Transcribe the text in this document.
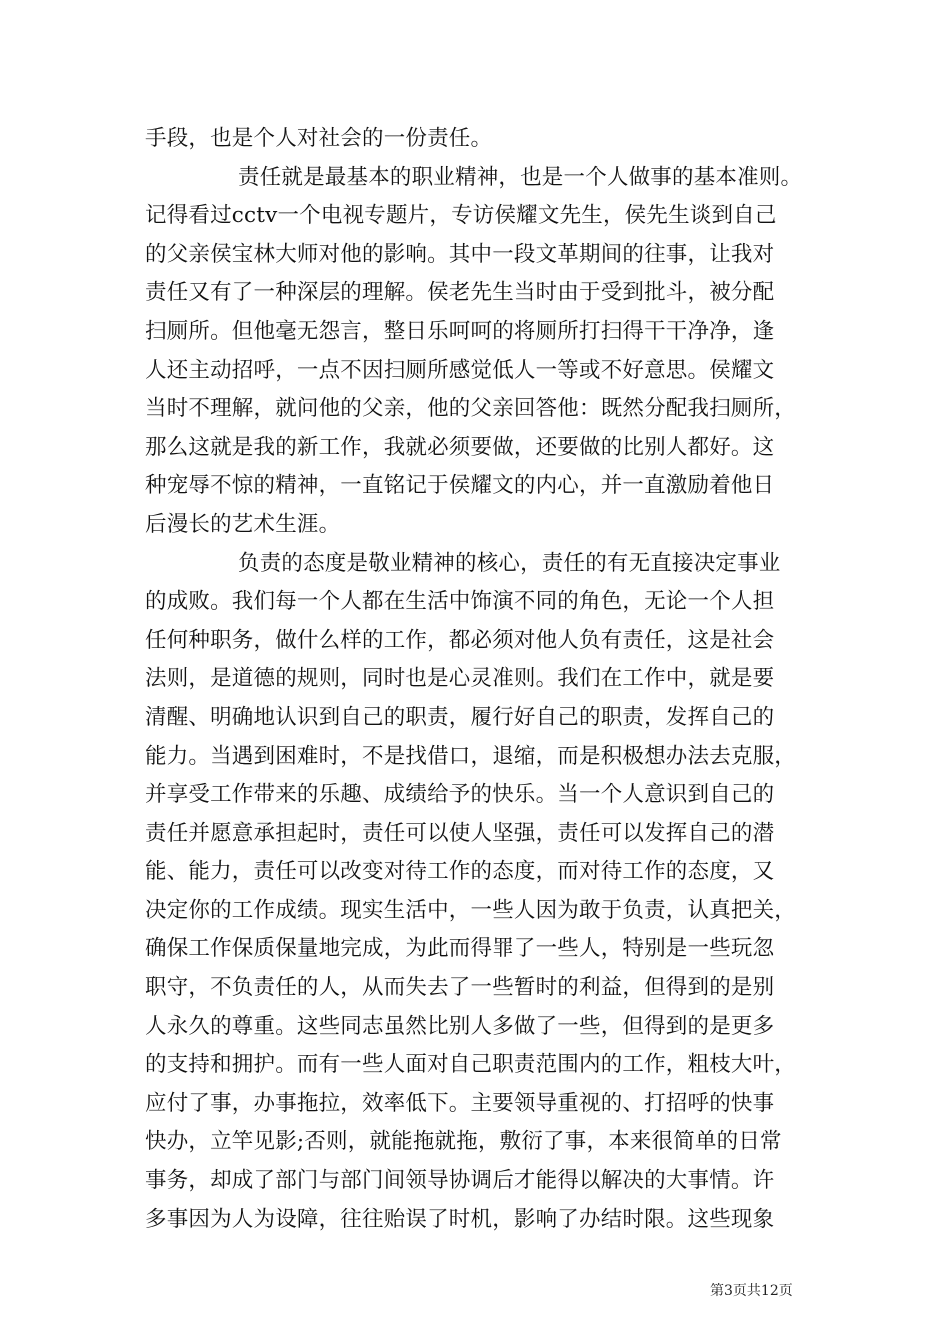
手段，也是个人对社会的一份责任。
责任就是最基本的职业精神，也是一个人做事的基本准则。
记得看过cctv一个电视专题片，专访侯耀文先生，侯先生谈到自己
的父亲侯宝林大师对他的影响。其中一段文革期间的往事，让我对
责任又有了一种深层的理解。侯老先生当时由于受到批斗，被分配
扫厕所。但他毫无怨言，整日乐呵呵的将厕所打扫得干干净净，逢
人还主动招呼，一点不因扫厕所感觉低人一等或不好意思。侯耀文
当时不理解，就问他的父亲，他的父亲回答他：既然分配我扫厕所，
那么这就是我的新工作，我就必须要做，还要做的比别人都好。这
种宠辱不惊的精神，一直铭记于侯耀文的内心，并一直激励着他日
后漫长的艺术生涯。
负责的态度是敬业精神的核心，责任的有无直接决定事业
的成败。我们每一个人都在生活中饰演不同的角色，无论一个人担
任何种职务，做什么样的工作，都必须对他人负有责任，这是社会
法则，是道德的规则，同时也是心灵准则。我们在工作中，就是要
清醒、明确地认识到自己的职责，履行好自己的职责，发挥自己的
能力。当遇到困难时，不是找借口，退缩，而是积极想办法去克服，
并享受工作带来的乐趣、成绩给予的快乐。当一个人意识到自己的
责任并愿意承担起时，责任可以使人坚强，责任可以发挥自己的潜
能、能力，责任可以改变对待工作的态度，而对待工作的态度，又
决定你的工作成绩。现实生活中，一些人因为敢于负责，认真把关，
确保工作保质保量地完成，为此而得罪了一些人，特别是一些玩忽
职守，不负责任的人，从而失去了一些暂时的利益，但得到的是别
人永久的尊重。这些同志虽然比别人多做了一些，但得到的是更多
的支持和拥护。而有一些人面对自己职责范围内的工作，粗枝大叶，
应付了事，办事拖拉，效率低下。主要领导重视的、打招呼的快事
快办，立竿见影;否则，就能拖就拖，敷衍了事，本来很简单的日常
事务，却成了部门与部门间领导协调后才能得以解决的大事情。许
多事因为人为设障，往往贻误了时机，影响了办结时限。这些现象
第3页共12页
